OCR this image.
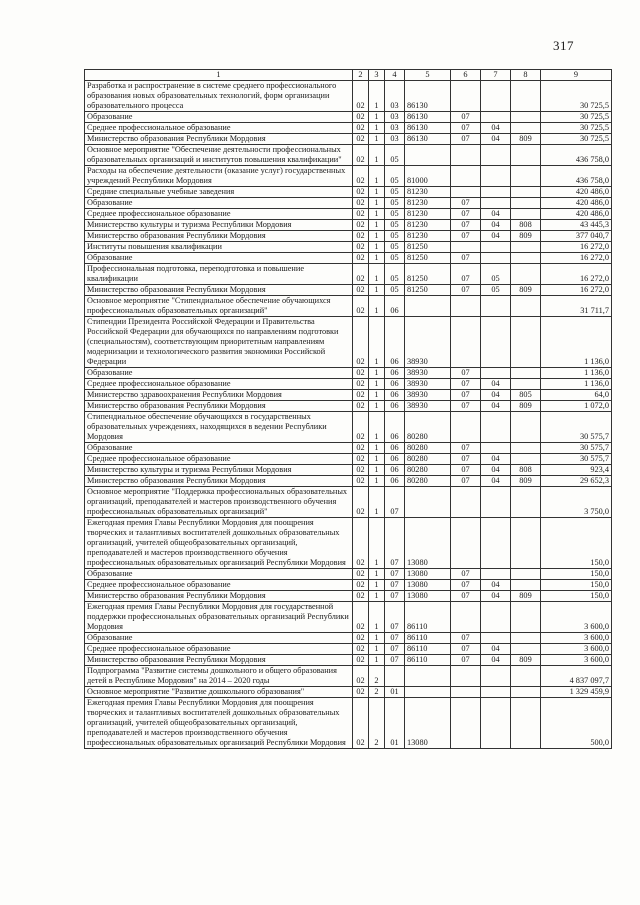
317
1	2	3	4	5	6	7	8	9
Разработка и распространение в системе среднего профессионального образования новых образовательных технологий, форм организации образовательного процесса	02	1	03	86130				30 725,5
Образование	02	1	03	86130	07			30 725,5
Среднее профессиональное образование	02	1	03	86130	07	04		30 725,5
Министерство образования Республики Мордовия	02	1	03	86130	07	04	809	30 725,5
Основное мероприятие "Обеспечение деятельности профессиональных образовательных организаций и институтов повышения квалификации"	02	1	05					436 758,0
Расходы на обеспечение деятельности (оказание услуг) государственных учреждений Республики Мордовия	02	1	05	81000				436 758,0
Средние специальные учебные заведения	02	1	05	81230				420 486,0
Образование	02	1	05	81230	07			420 486,0
Среднее профессиональное образование	02	1	05	81230	07	04		420 486,0
Министерство культуры и туризма Республики Мордовия	02	1	05	81230	07	04	808	43 445,3
Министерство образования Республики Мордовия	02	1	05	81230	07	04	809	377 040,7
Институты повышения квалификации	02	1	05	81250				16 272,0
Образование	02	1	05	81250	07			16 272,0
Профессиональная подготовка, переподготовка и повышение квалификации	02	1	05	81250	07	05		16 272,0
Министерство образования Республики Мордовия	02	1	05	81250	07	05	809	16 272,0
Основное мероприятие "Стипендиальное обеспечение обучающихся профессиональных образовательных организаций"	02	1	06					31 711,7
Стипендии Президента Российской Федерации и Правительства Российской Федерации для обучающихся по направлениям подготовки (специальностям), соответствующим приоритетным направлениям модернизации и технологического развития экономики Российской Федерации	02	1	06	38930				1 136,0
Образование	02	1	06	38930	07			1 136,0
Среднее профессиональное образование	02	1	06	38930	07	04		1 136,0
Министерство здравоохранения Республики Мордовия	02	1	06	38930	07	04	805	64,0
Министерство образования Республики Мордовия	02	1	06	38930	07	04	809	1 072,0
Стипендиальное обеспечение обучающихся в государственных образовательных учреждениях, находящихся в ведении Республики Мордовия	02	1	06	80280				30 575,7
Образование	02	1	06	80280	07			30 575,7
Среднее профессиональное образование	02	1	06	80280	07	04		30 575,7
Министерство культуры и туризма Республики Мордовия	02	1	06	80280	07	04	808	923,4
Министерство образования Республики Мордовия	02	1	06	80280	07	04	809	29 652,3
Основное мероприятие "Поддержка профессиональных образовательных организаций, преподавателей и мастеров производственного обучения профессиональных образовательных организаций"	02	1	07					3 750,0
Ежегодная премия Главы Республики Мордовия для поощрения творческих и талантливых воспитателей дошкольных образовательных организаций, учителей общеобразовательных организаций, преподавателей и мастеров производственного обучения профессиональных образовательных организаций Республики Мордовия	02	1	07	13080				150,0
Образование	02	1	07	13080	07			150,0
Среднее профессиональное образование	02	1	07	13080	07	04		150,0
Министерство образования Республики Мордовия	02	1	07	13080	07	04	809	150,0
Ежегодная премия Главы Республики Мордовия для государственной поддержки профессиональных образовательных организаций Республики Мордовия	02	1	07	86110				3 600,0
Образование	02	1	07	86110	07			3 600,0
Среднее профессиональное образование	02	1	07	86110	07	04		3 600,0
Министерство образования Республики Мордовия	02	1	07	86110	07	04	809	3 600,0
Подпрограмма "Развитие системы дошкольного и общего образования детей в Республике Мордовия" на 2014 – 2020 годы	02	2						4 837 097,7
Основное мероприятие "Развитие дошкольного образования"	02	2	01					1 329 459,9
Ежегодная премия Главы Республики Мордовия для поощрения творческих и талантливых воспитателей дошкольных образовательных организаций, учителей общеобразовательных организаций, преподавателей и мастеров производственного обучения профессиональных образовательных организаций Республики Мордовия	02	2	01	13080				500,0
